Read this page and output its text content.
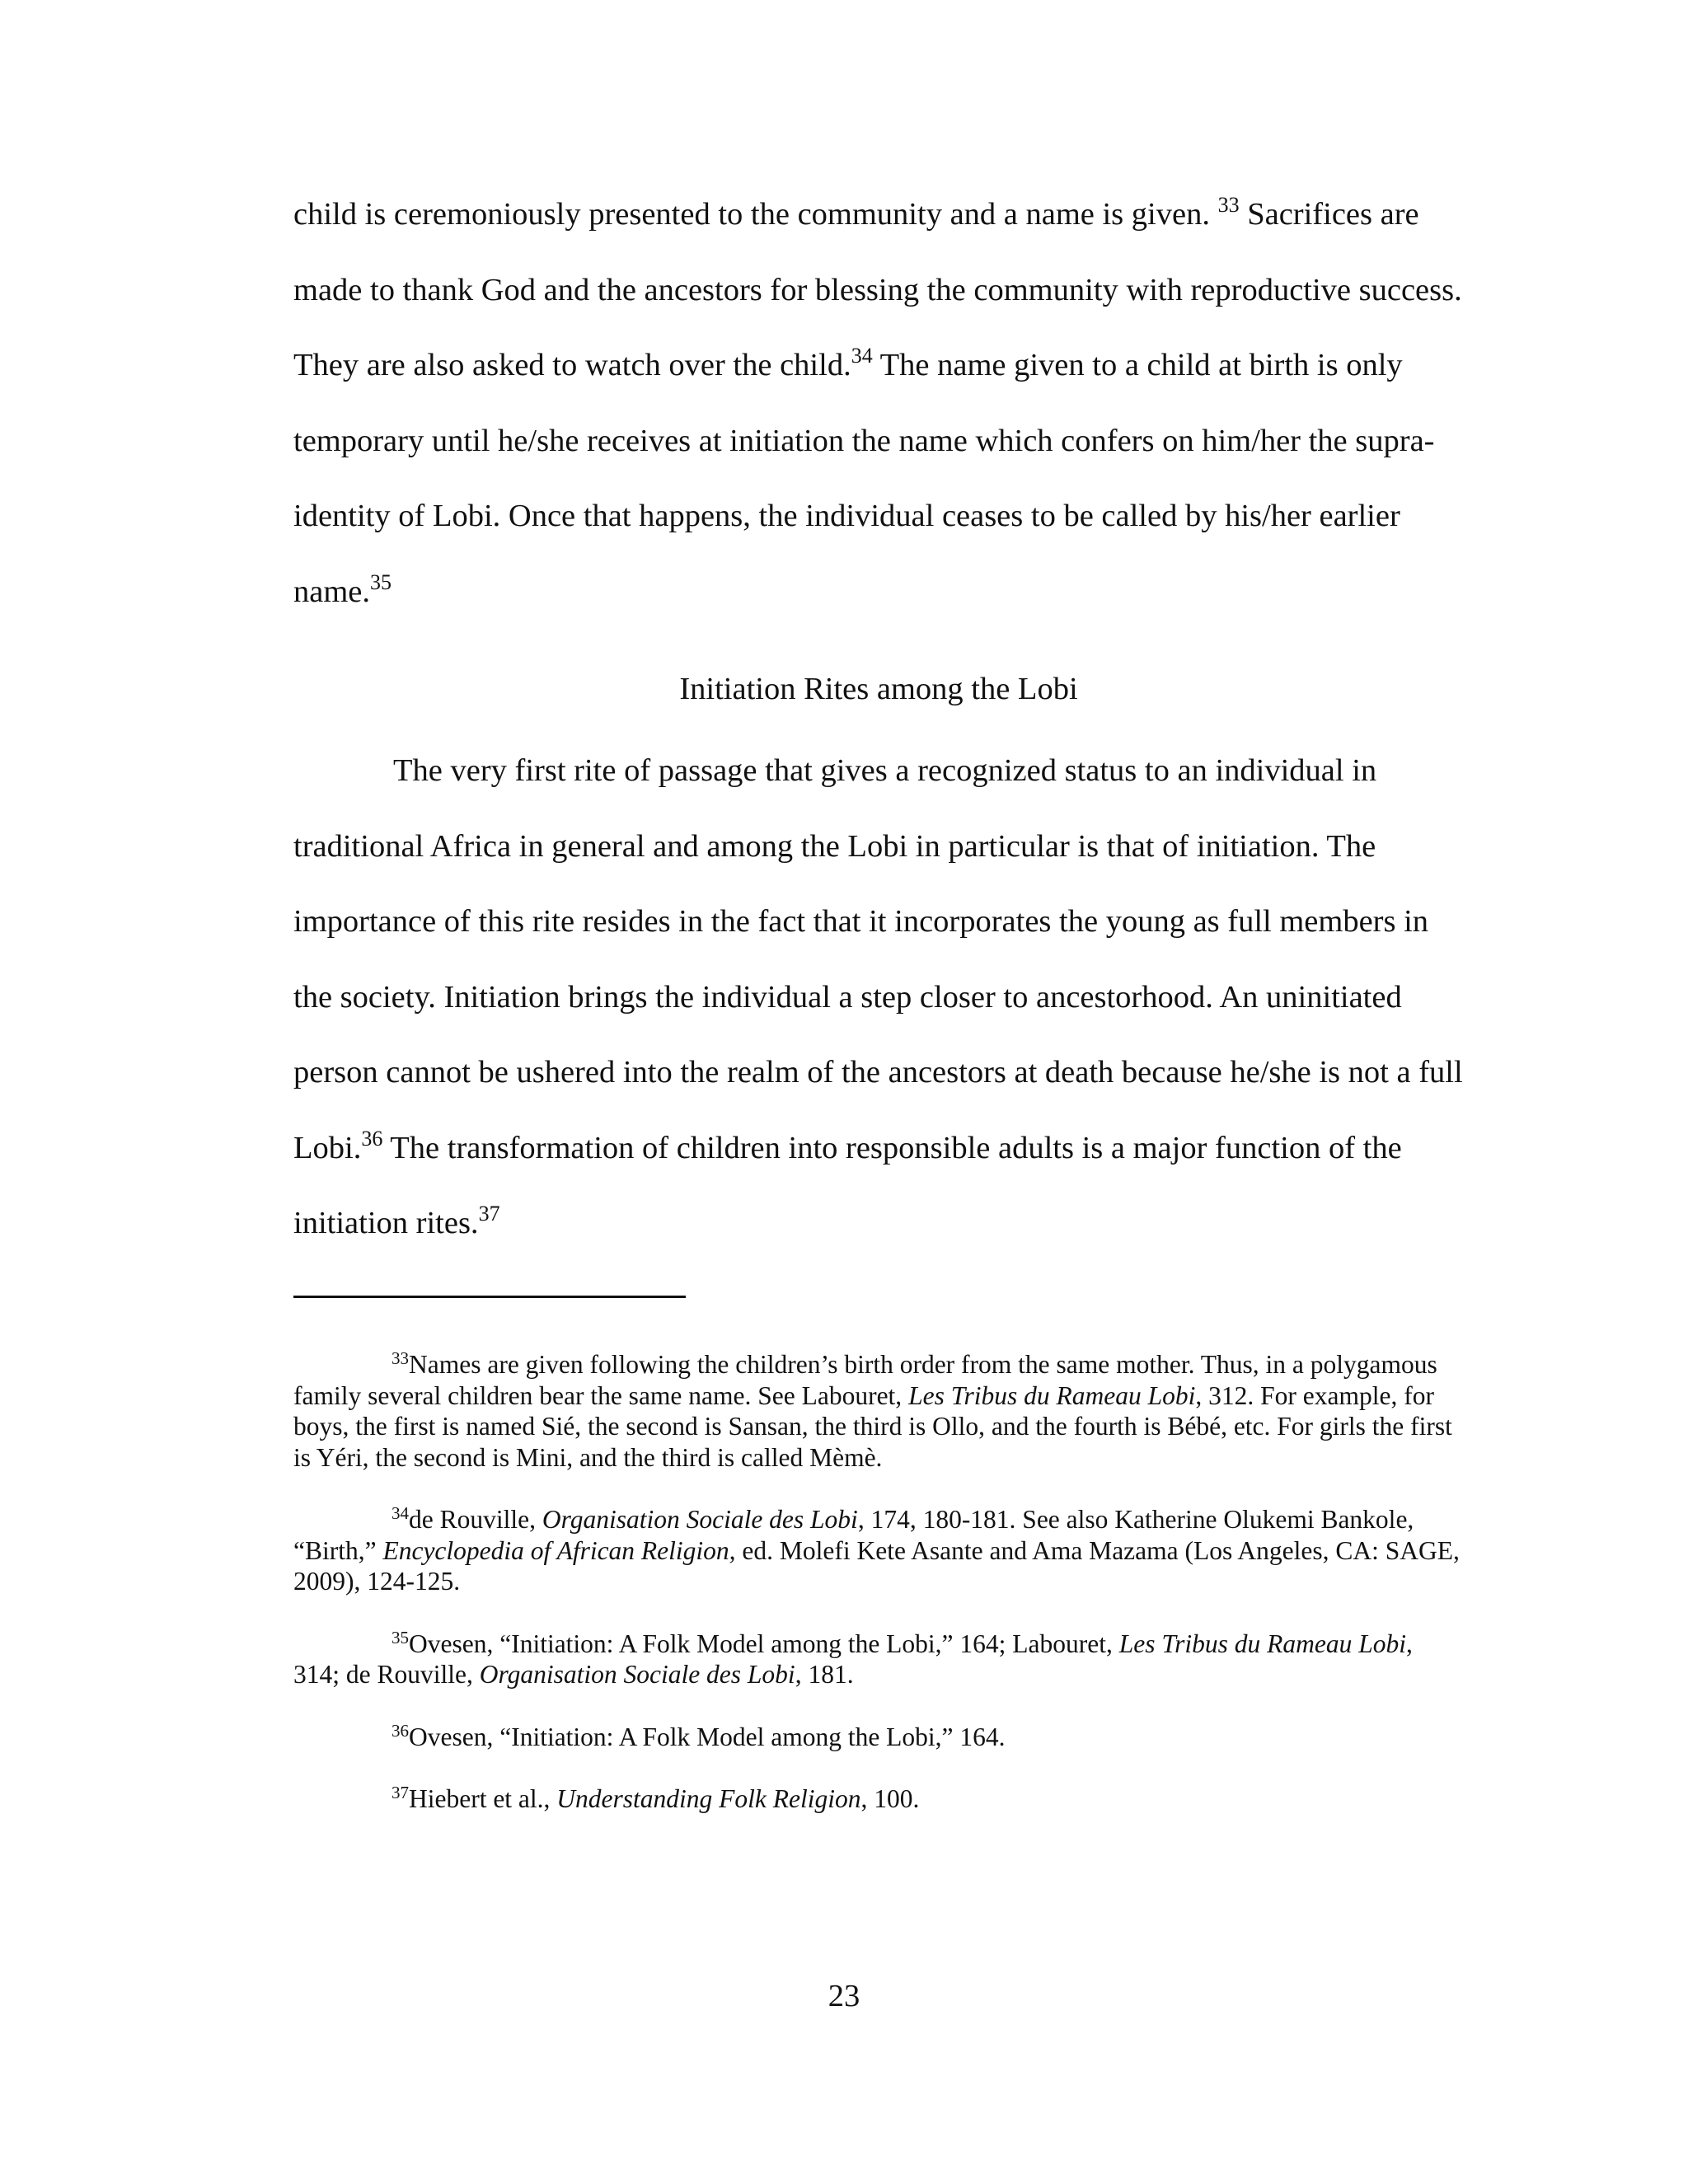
child is ceremoniously presented to the community and a name is given. $^{33}$ Sacrifices are made to thank God and the ancestors for blessing the community with reproductive success. They are also asked to watch over the child.$^{34}$ The name given to a child at birth is only temporary until he/she receives at initiation the name which confers on him/her the supra-identity of Lobi. Once that happens, the individual ceases to be called by his/her earlier name.$^{35}$

Initiation Rites among the Lobi

The very first rite of passage that gives a recognized status to an individual in traditional Africa in general and among the Lobi in particular is that of initiation. The importance of this rite resides in the fact that it incorporates the young as full members in the society. Initiation brings the individual a step closer to ancestorhood. An uninitiated person cannot be ushered into the realm of the ancestors at death because he/she is not a full Lobi.$^{36}$ The transformation of children into responsible adults is a major function of the initiation rites.$^{37}$

$^{33}$Names are given following the children’s birth order from the same mother. Thus, in a polygamous family several children bear the same name. See Labouret, Les Tribus du Rameau Lobi, 312. For example, for boys, the first is named Sié, the second is Sansan, the third is Ollo, and the fourth is Bébé, etc. For girls the first is Yéri, the second is Mini, and the third is called Mèmè.

$^{34}$de Rouville, Organisation Sociale des Lobi, 174, 180-181. See also Katherine Olukemi Bankole, “Birth,” Encyclopedia of African Religion, ed. Molefi Kete Asante and Ama Mazama (Los Angeles, CA: SAGE, 2009), 124-125.

$^{35}$Ovesen, “Initiation: A Folk Model among the Lobi,” 164; Labouret, Les Tribus du Rameau Lobi, 314; de Rouville, Organisation Sociale des Lobi, 181.

$^{36}$Ovesen, “Initiation: A Folk Model among the Lobi,” 164.

$^{37}$Hiebert et al., Understanding Folk Religion, 100.

23
